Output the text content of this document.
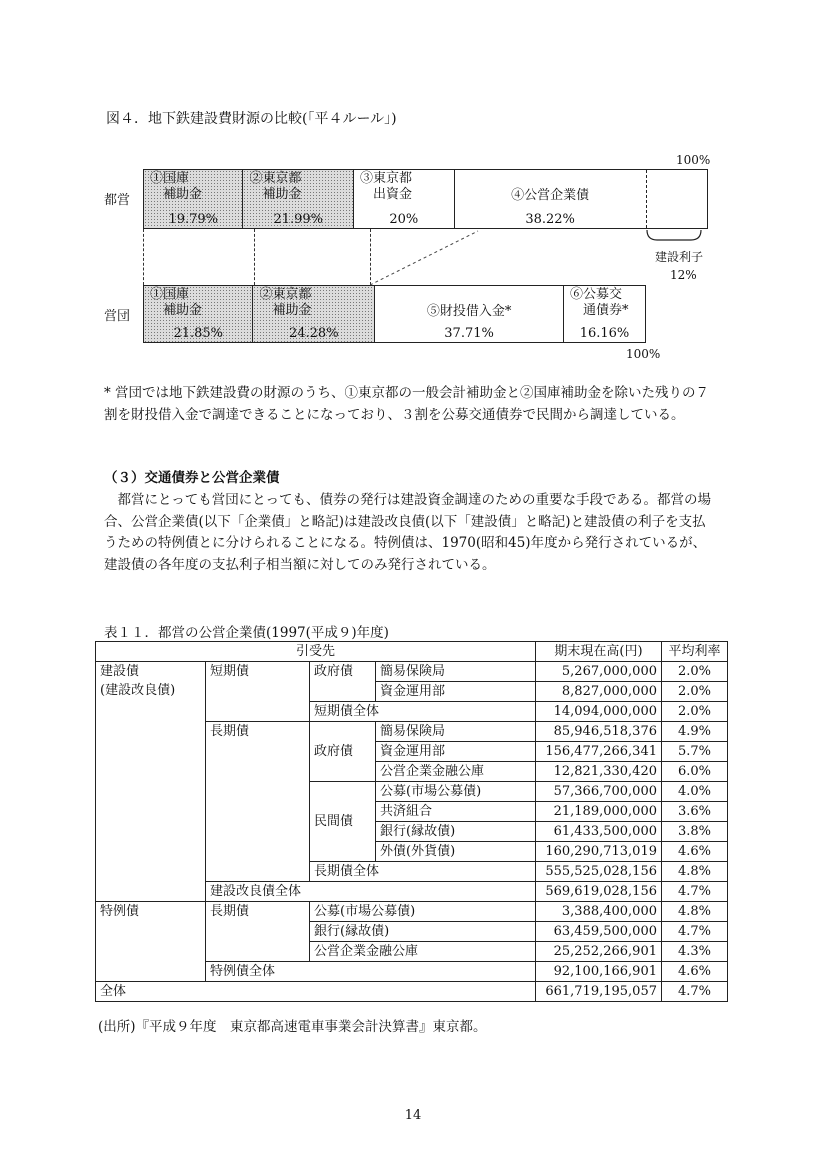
図４．地下鉄建設費財源の比較(「平４ルール」)
100%
都営
①国庫
　補助金
19.79%
②東京都
　補助金
21.99%
③東京都
　出資金
20%
④公営企業債
38.22%
建設利子
12%
営団
①国庫
　補助金
21.85%
②東京都
　補助金
24.28%
⑤財投借入金*
37.71%
⑥公募交
　通債券*
16.16%
100%
* 営団では地下鉄建設費の財源のうち、①東京都の一般会計補助金と②国庫補助金を除いた残りの７割を財投借入金で調達できることになっており、３割を公募交通債券で民間から調達している。
（３）交通債券と公営企業債
　都営にとっても営団にとっても、債券の発行は建設資金調達のための重要な手段である。都営の場合、公営企業債(以下「企業債」と略記)は建設改良債(以下「建設債」と略記)と建設債の利子を支払うための特例債とに分けられることになる。特例債は、1970(昭和45)年度から発行されているが、建設債の各年度の支払利子相当額に対してのみ発行されている。
表１１．都営の公営企業債(1997(平成９)年度)
引受先				期末現在高(円)	平均利率
建設債
(建設改良債)	短期債	政府債	簡易保険局	5,267,000,000	2.0%
			資金運用部	8,827,000,000	2.0%
		短期債全体		14,094,000,000	2.0%
	長期債	政府債	簡易保険局	85,946,518,376	4.9%
			資金運用部	156,477,266,341	5.7%
			公営企業金融公庫	12,821,330,420	6.0%
		民間債	公募(市場公募債)	57,366,700,000	4.0%
			共済組合	21,189,000,000	3.6%
			銀行(縁故債)	61,433,500,000	3.8%
			外債(外貨債)	160,290,713,019	4.6%
		長期債全体		555,525,028,156	4.8%
	建設改良債全体			569,619,028,156	4.7%
特例債	長期債	公募(市場公募債)		3,388,400,000	4.8%
		銀行(縁故債)		63,459,500,000	4.7%
		公営企業金融公庫		25,252,266,901	4.3%
	特例債全体			92,100,166,901	4.6%
全体				661,719,195,057	4.7%
(出所)『平成９年度　東京都高速電車事業会計決算書』東京都。
14
